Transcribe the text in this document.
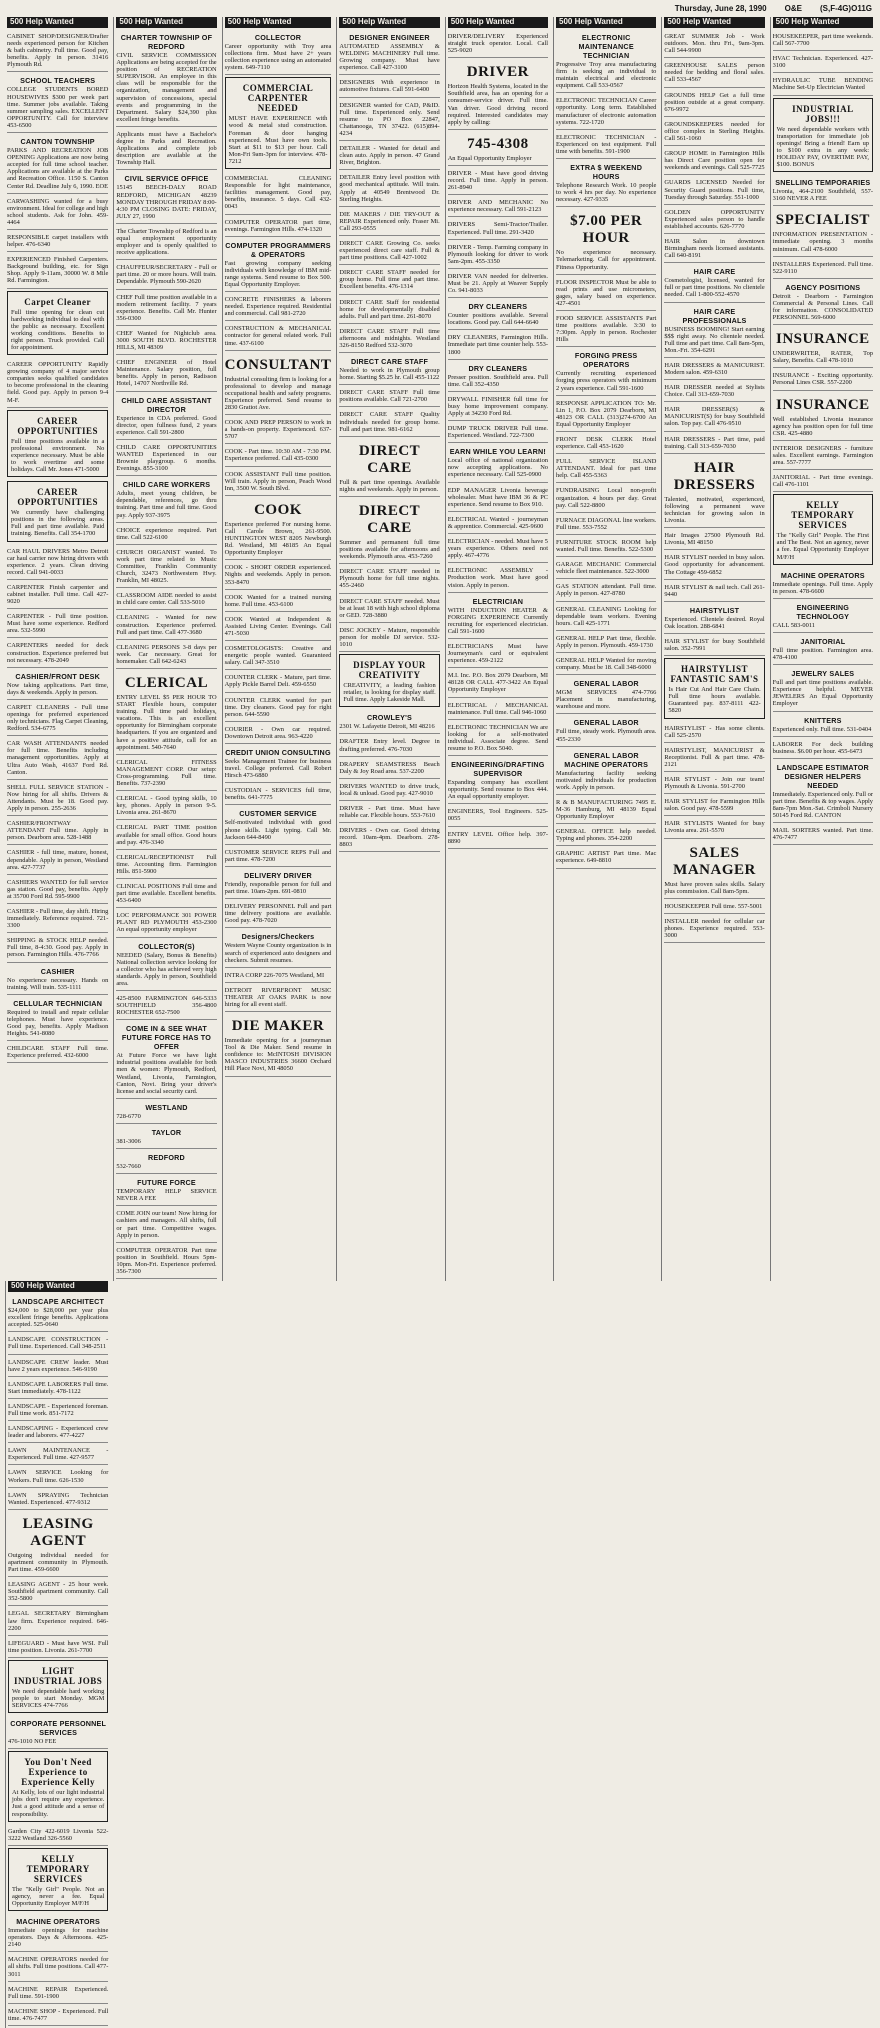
Thursday, June 28, 1990 O&E (S,F-4G)O11G
500 Help Wanted
CABINET SHOP/DESIGNER/Drafter needs experienced person for Kitchen & bath cabinetry. Full time. Good pay, benefits. Apply in person. 31416 Plymouth Rd.
SCHOOL TEACHERS
COLLEGE STUDENTS BORED HOUSEWIVES $300 per week part time. Summer jobs available. Taking summer sampling sales. EXCELLENT OPPORTUNITY. Call for interview 453-6500
CANTON TOWNSHIP
PARKS AND RECREATION JOB OPENING Applications are now being accepted for full time school teacher. Applications are available at the Parks and Recreation Office. 1150 S. Canton Center Rd. Deadline July 6, 1990. EOE
CARWASHING wanted for a busy environment. Ideal for college and high school students. Ask for John. 459-4464
RESPONSIBLE carpet installers with helper. 476-6340
EXPERIENCED Finished Carpenters. Background building, etc. for Sign Shop. Apply 9-11am, 30000 W. 8 Mile Rd. Farmington.
Carpet Cleaner
Full time opening for clean cut hardworking individual to deal with the public as necessary. Excellent working conditions. Benefits to right person. Truck provided. Call for appointment.
CAREER OPPORTUNITY Rapidly growing company of 4 major service companies seeks qualified candidates to become professional in the cleaning field. Good pay. Apply in person 9-4 M-F.
CAREER OPPORTUNITIES
Full time positions available in a professional environment. No experience necessary. Must be able to work overtime and some holidays. Call Mr. Jones 471-5000
CAREER OPPORTUNITIES
We currently have challenging positions in the following areas. Full and part time available. Paid training. Benefits. Call 354-1700
CAR HAUL DRIVERS Metro Detroit car haul carrier now hiring drivers with experience. 2 years. Clean driving record. Call 941-0033
CARPENTER Finish carpenter and cabinet installer. Full time. Call 427-9020
CARPENTER - Full time position. Must have some experience. Redford area. 532-5990
CARPENTERS needed for deck construction. Experience preferred but not necessary. 478-2049
CASHIER/FRONT DESK
Now taking applications. Part time, days & weekends. Apply in person.
CARPET CLEANERS - Full time openings for preferred experienced only technicians. Flag Carpet Cleaning, Redford. 534-6775
CAR WASH ATTENDANTS needed for full time. Benefits including management opportunities. Apply at Ultra Auto Wash, 41637 Ford Rd. Canton.
SHELL FULL SERVICE STATION - Now hiring for all shifts. Drivers & Attendants. Must be 18. Good pay. Apply in person. 255-2636
CASHIER/FRONTWAY ATTENDANT Full time. Apply in person. Dearborn area. 528-1488
CASHIER - full time, mature, honest, dependable. Apply in person, Westland area. 427-7737
CASHIERS WANTED for full service gas station. Good pay, benefits. Apply at 35700 Ford Rd. 595-9900
CASHIER - Full time, day shift. Hiring immediately. Reference required. 721-3300
SHIPPING & STOCK HELP needed. Full time, 8-4:30. Good pay. Apply in person. Farmington Hills. 476-7766
CASHIER
No experience necessary. Hands on training. Will train. 535-1111
CELLULAR TECHNICIAN
Required to install and repair cellular telephones. Must have experience. Good pay, benefits. Apply Madison Heights. 541-8080
CHILDCARE STAFF Full time. Experience preferred. 432-6000
500 Help Wanted
CHARTER TOWNSHIP OF REDFORD
CIVIL SERVICE COMMISSION Applications are being accepted for the position of RECREATION SUPERVISOR. An employee in this class will be responsible for the organization, management and supervision of concessions, special events and programming in the Department. Salary $24,390 plus excellent fringe benefits.
Applicants must have a Bachelor's degree in Parks and Recreation. Applications and complete job description are available at the Township Hall.
CIVIL SERVICE OFFICE
15145 BEECH-DALY ROAD REDFORD, MICHIGAN 48239 MONDAY THROUGH FRIDAY 8:00-4:30 PM CLOSING DATE: FRIDAY, JULY 27, 1990
The Charter Township of Redford is an equal employment opportunity employer and is openly qualified to receive applications.
CHAUFFEUR/SECRETARY - Full or part time. 20 or more hours. Will train. Dependable. Plymouth 590-2620
CHEF Full time position available in a modern retirement facility. 7 years experience. Benefits. Call Mr. Hunter 356-0300
CHEF Wanted for Nightclub area. 3000 SOUTH BLVD. ROCHESTER HILLS, MI 48309
CHIEF ENGINEER of Hotel Maintenance. Salary position, full benefits. Apply in person, Radisson Hotel, 14707 Northville Rd.
CHILD CARE ASSISTANT DIRECTOR
Experience in CDA preferred. Good director, open fullness fund, 2 years experience. Call 591-2800
CHILD CARE OPPORTUNITIES WANTED Experienced in our Brownie playgroup. 6 months. Evenings. 855-3100
CHILD CARE WORKERS
Adults, meet young children, be dependable, references, go thru training. Part time and full time. Good pay. Apply 937-3975
CHOICE experience required. Part time. Call 522-6100
CHURCH ORGANIST wanted. To work part time related to Music Committee, Franklin Community Church, 32473 Northwestern Hwy. Franklin, MI 48025.
CLASSROOM AIDE needed to assist in child care center. Call 533-5010
CLEANING - Wanted for new construction. Experience preferred. Full and part time. Call 477-3680
CLEANING PERSONS 3-8 days per week. Car necessary. Great for homemaker. Call 642-6243
CLERICAL
ENTRY LEVEL $5 PER HOUR TO START Flexible hours, computer training. Full time paid holidays, vacations. This is an excellent opportunity for Birmingham corporate headquarters. If you are organized and have a positive attitude, call for an appointment. 540-7640
CLERICAL FITNESS MANAGEMENT CORP. Our setup: Cross-programming. Full time. Benefits. 737-2390
CLERICAL - Good typing skills, 10 key, phones. Apply in person 9-5. Livonia area. 261-8670
CLERICAL PART TIME position available for small office. Good hours and pay. 476-3340
CLERICAL/RECEPTIONIST Full time. Accounting firm. Farmington Hills. 851-5900
CLINICAL POSITIONS Full time and part time available. Excellent benefits. 453-6400
LOC PERFORMANCE 301 POWER PLANT RD PLYMOUTH 453-2300 An equal opportunity employer
COLLECTOR(S)
NEEDED (Salary, Bonus & Benefits) National collection service looking for a collector who has achieved very high standards. Apply in person, Southfield area.
425-8500 FARMINGTON 646-5333 SOUTHFIELD 356-4800 ROCHESTER 652-7500
COME IN & SEE WHAT FUTURE FORCE HAS TO OFFER
At Future Force we have light industrial positions available for both men & women: Plymouth, Redford, Westland, Livonia, Farmington, Canton, Novi. Bring your driver's license and social security card.
WESTLAND
728-6770
TAYLOR
381-3006
REDFORD
532-7660
FUTURE FORCE
TEMPORARY HELP SERVICE NEVER A FEE
COME JOIN our team! Now hiring for cashiers and managers. All shifts, full or part time. Competitive wages. Apply in person.
COMPUTER OPERATOR Part time position in Southfield. Hours 5pm-10pm. Mon-Fri. Experience preferred. 356-7300
500 Help Wanted
COLLECTOR
Career opportunity with Troy area collections firm. Must have 2+ years collection experience using an automated system. 649-7110
COMMERCIAL CARPENTER NEEDED
MUST HAVE EXPERIENCE with wood & metal stud construction. Foreman & door hanging experienced. Must have own tools. Start at $11 to $13 per hour. Call Mon-Fri 9am-3pm for interview. 478-7212
COMMERCIAL CLEANING Responsible for light maintenance, facilities management. Good pay, benefits, insurance. 5 days. Call 432-0043
COMPUTER OPERATOR part time, evenings. Farmington Hills. 474-1320
COMPUTER PROGRAMMERS & OPERATORS
Fast growing company seeking individuals with knowledge of IBM mid-range systems. Send resume to Box 500. Equal Opportunity Employer.
CONCRETE FINISHERS & laborers needed. Experience required. Residential and commercial. Call 981-2720
CONSTRUCTION & MECHANICAL contractor for general related work. Full time. 437-6100
CONSULTANT
Industrial consulting firm is looking for a professional to develop and manage occupational health and safety programs. Experience preferred. Send resume to 2830 Gratiot Ave.
COOK AND PREP PERSON to work in a hands-on property. Experienced. 637-5707
COOK - Part time. 10:30 AM - 7:30 PM. Experience preferred. Call 435-0300
COOK ASSISTANT Full time position. Will train. Apply in person, Peach Wood Inn, 3500 W. South Blvd.
COOK
Experience preferred For nursing home. Call Carole Brown, 261-9500. HUNTINGTON WEST 8205 Newburgh Rd. Westland, MI 48185 An Equal Opportunity Employer
COOK - SHORT ORDER experienced. Nights and weekends. Apply in person. 353-8470
COOK Wanted for a trained nursing home. Full time. 453-6100
COOK Wanted at Independent & Assisted Living Center. Evenings. Call 471-5030
COSMETOLOGISTS: Creative and energetic people wanted. Guaranteed salary. Call 347-3510
COUNTER CLERK - Mature, part time. Apply Pickle Barrel Deli. 459-6550
COUNTER CLERK wanted for part time. Dry cleaners. Good pay for right person. 644-5590
COURIER - Own car required. Downtown Detroit area. 963-4220
CREDIT UNION CONSULTING
Seeks Management Trainee for business travel. College preferred. Call Robert Hirsch 473-6880
CUSTODIAN - SERVICES full time, benefits. 641-7775
CUSTOMER SERVICE
Self-motivated individual with good phone skills. Light typing. Call Mr. Jackson 644-8490
CUSTOMER SERVICE REPS Full and part time. 478-7200
DELIVERY DRIVER
Friendly, responsible person for full and part time. 10am-2pm. 691-0810
DELIVERY PERSONNEL Full and part time delivery positions are available. Good pay. 478-7020
Designers/Checkers
Western Wayne County organization is in search of experienced auto designers and checkers. Submit resumes.
INTRA CORP 226-7075 Westland, MI
DETROIT RIVERFRONT MUSIC THEATER AT OAKS PARK is now hiring for all event staff.
DIE MAKER
Immediate opening for a journeyman Tool & Die Maker. Send resume in confidence to: McINTOSH DIVISION MASCO INDUSTRIES 36600 Orchard Hill Place Novi, MI 48050
500 Help Wanted
DESIGNER ENGINEER
AUTOMATED ASSEMBLY & WELDING MACHINERY Full time. Growing company. Must have experience. Call 427-3100
DESIGNERS With experience in automotive fixtures. Call 591-6400
DESIGNER wanted for CAD, P&ID. Full time. Experienced only. Send resume to PO Box 22847, Chattanooga, TN 37422. (615)894-4234
DETAILER - Wanted for detail and clean auto. Apply in person. 47 Grand River, Brighton.
DETAILER Entry level position with good mechanical aptitude. Will train. Apply at 40549 Brentwood Dr. Sterling Heights.
DIE MAKERS / DIE TRY-OUT & REPAIR Experienced only. Fraser Mi. Call 293-0555
DIRECT CARE Growing Co. seeks experienced direct care staff. Full & part time positions. Call 427-1002
DIRECT CARE STAFF needed for group home. Full time and part time. Excellent benefits. 476-1314
DIRECT CARE Staff for residential home for developmentally disabled adults. Full and part time. 261-8070
DIRECT CARE STAFF Full time afternoons and midnights. Westland 326-8150 Redford 532-3070
DIRECT CARE STAFF
Needed to work in Plymouth group home. Starting $5.25 hr. Call 455-1122
DIRECT CARE STAFF Full time positions available. Call 721-2700
DIRECT CARE STAFF Quality individuals needed for group home. Full and part time. 981-6162
DIRECT CARE
Full & part time openings. Available nights and weekends. Apply in person.
DIRECT CARE
Summer and permanent full time positions available for afternoons and weekends. Plymouth area. 453-7260
DIRECT CARE STAFF needed in Plymouth home for full time nights. 455-2460
DIRECT CARE STAFF needed. Must be at least 18 with high school diploma or GED. 728-3880
DISC JOCKEY - Mature, responsible person for mobile DJ service. 532-1010
DISPLAY YOUR CREATIVITY
CREATIVITY, a leading fashion retailer, is looking for display staff. Full time. Apply Lakeside Mall.
CROWLEY'S
2301 W. Lafayette Detroit, MI 48216
DRAFTER Entry level. Degree in drafting preferred. 476-7030
DRAPERY SEAMSTRESS Beach Daly & Joy Road area. 537-2200
DRIVERS WANTED to drive truck, local & unload. Good pay. 427-9010
DRIVER - Part time. Must have reliable car. Flexible hours. 553-7610
DRIVERS - Own car. Good driving record. 10am-4pm. Dearborn. 278-8803
500 Help Wanted
DRIVER/DELIVERY Experienced straight truck operator. Local. Call 525-9020
DRIVER
Horizon Health Systems, located in the Southfield area, has an opening for a consumer-service driver. Full time. Van driver. Good driving record required. Interested candidates may apply by calling:
745-4308
An Equal Opportunity Employer
DRIVER - Must have good driving record. Full time. Apply in person. 261-8940
DRIVER AND MECHANIC No experience necessary. Call 591-2123
DRIVERS Semi-Tractor/Trailer. Experienced. Full time. 291-3420
DRIVER - Temp. Farming company in Plymouth looking for driver to work 5am-2pm. 455-3350
DRIVER VAN needed for deliveries. Must be 21. Apply at Weaver Supply Co. 941-8033
DRY CLEANERS
Counter positions available. Several locations. Good pay. Call 644-6640
DRY CLEANERS, Farmington Hills. Immediate part time counter help. 553-1800
DRY CLEANERS
Presser position. Southfield area. Full time. Call 352-4350
DRYWALL FINISHER full time for busy home improvement company. Apply at 34230 Ford Rd.
DUMP TRUCK DRIVER Full time. Experienced. Westland. 722-7300
EARN WHILE YOU LEARN!
Local office of national organization now accepting applications. No experience necessary. Call 525-0900
EDP MANAGER Livonia beverage wholesaler. Must have IBM 36 & PC experience. Send resume to Box 910.
ELECTRICAL Wanted - journeyman & apprentice. Commercial. 425-9600
ELECTRICIAN - needed. Must have 5 years experience. Others need not apply. 467-4776
ELECTRONIC ASSEMBLY - Production work. Must have good vision. Apply in person.
ELECTRICIAN
WITH INDUCTION HEATER & FORGING EXPERIENCE Currently recruiting for experienced electrician. Call 591-1600
ELECTRICIANS Must have Journeyman's card or equivalent experience. 459-2122
M.I. Inc. P.O. Box 2079 Dearborn, MI 48128 OR CALL 477-3422 An Equal Opportunity Employer
ELECTRICAL / MECHANICAL maintenance. Full time. Call 946-1060
ELECTRONIC TECHNICIAN We are looking for a self-motivated individual. Associate degree. Send resume to P.O. Box 5040.
ENGINEERING/DRAFTING SUPERVISOR
Expanding company has excellent opportunity. Send resume to Box 444. An equal opportunity employer.
ENGINEERS, Tool Engineers. 525-0055
ENTRY LEVEL Office help. 397-8890
500 Help Wanted
ELECTRONIC MAINTENANCE TECHNICIAN
Progressive Troy area manufacturing firm is seeking an individual to maintain electrical and electronic equipment. Call 533-0567
ELECTRONIC TECHNICIAN Career opportunity. Long term. Established manufacturer of electronic automation systems. 722-1720
ELECTRONIC TECHNICIAN - Experienced on test equipment. Full time with benefits. 591-1900
EXTRA $ WEEKEND HOURS
Telephone Research Work. 10 people to work 4 hrs per day. No experience necessary. 427-9335
$7.00 PER HOUR
No experience necessary. Telemarketing. Call for appointment. Fitness Opportunity.
FLOOR INSPECTOR Must be able to read prints and use micrometers, gages, salary based on experience. 427-4501
FOOD SERVICE ASSISTANTS Part time positions available. 3:30 to 7:30pm. Apply in person. Rochester Hills
FORGING PRESS OPERATORS
Currently recruiting experienced forging press operators with minimum 2 years experience. Call 591-1600
RESPONSE APPLICATION TO: Mr. Lin 1, P.O. Box 2079 Dearborn, MI 48123 OR CALL (313)274-6700 An Equal Opportunity Employer
FRONT DESK CLERK Hotel experience. Call 453-1620
FULL SERVICE ISLAND ATTENDANT. Ideal for part time help. Call 455-5363
FUNDRAISING Local non-profit organization. 4 hours per day. Great pay. Call 522-8800
FURNACE DIAGONAL line workers. Full time. 553-7552
FURNITURE STOCK ROOM help wanted. Full time. Benefits. 522-5300
GARAGE MECHANIC Commercial vehicle fleet maintenance. 522-3000
GAS STATION attendant. Full time. Apply in person. 427-8780
GENERAL CLEANING Looking for dependable team workers. Evening hours. Call 425-1771
GENERAL HELP Part time, flexible. Apply in person. Plymouth. 459-1730
GENERAL HELP Wanted for moving company. Must be 18. Call 348-6000
GENERAL LABOR
MGM SERVICES 474-7766 Placement in manufacturing, warehouse and more.
GENERAL LABOR
Full time, steady work. Plymouth area. 455-2330
GENERAL LABOR MACHINE OPERATORS
Manufacturing facility seeking motivated individuals for production work. Apply in person.
R & B MANUFACTURING 7495 E. M-36 Hamburg, MI 48139 Equal Opportunity Employer
GENERAL OFFICE help needed. Typing and phones. 354-2200
GRAPHIC ARTIST Part time. Mac experience. 649-8810
500 Help Wanted
GREAT SUMMER Job - Work outdoors. Mon. thru Fri., 9am-3pm. Call 544-9900
GREENHOUSE SALES person needed for bedding and floral sales. Call 533-4567
GROUNDS HELP Get a full time position outside at a great company. 676-9972
GROUNDSKEEPERS needed for office complex in Sterling Heights. Call 561-1060
GROUP HOME in Farmington Hills has Direct Care position open for weekends and evenings. Call 525-7725
GUARDS LICENSED Needed for Security Guard positions. Full time, Tuesday through Saturday. 551-1000
GOLDEN OPPORTUNITY Experienced sales person to handle established accounts. 626-7770
HAIR Salon in downtown Birmingham needs licensed assistants. Call 640-8191
HAIR CARE
Cosmetologist, licensed, wanted for full or part time positions. No clientele needed. Call 1-800-552-4570
HAIR CARE PROFESSIONALS
BUSINESS BOOMING! Start earning $$$ right away. No clientele needed. Full time and part time. Call 8am-5pm, Mon.-Fri. 354-6291
HAIR DRESSERS & MANICURIST. Modern salon. 459-6310
HAIR DRESSER needed at Stylists Choice. Call 313-659-7030
HAIR DRESSER(S) & MANICURIST(S) for busy Southfield salon. Top pay. Call 476-9510
HAIR DRESSERS - Part time, paid training. Call 313-659-7030
HAIR DRESSERS
Talented, motivated, experienced, following a permanent wave technician for growing salon in Livonia.
Hair Images 27500 Plymouth Rd. Livonia, MI 48150
HAIR STYLIST needed in busy salon. Good opportunity for advancement. The Cottage 459-6852
HAIR STYLIST & nail tech. Call 261-9440
HAIRSTYLIST
Experienced. Clientele desired. Royal Oak location. 288-6841
HAIR STYLIST for busy Southfield salon. 352-7991
HAIRSTYLIST FANTASTIC SAM'S
Is Hair Cut And Hair Care Chain. Full time hours available. Guaranteed pay. 837-8111 422-5820
HAIRSTYLIST - Has some clients. Call 525-2570
HAIRSTYLIST, MANICURIST & Receptionist. Full & part time. 478-2121
HAIR STYLIST - Join our team! Plymouth & Livonia. 591-2700
HAIR STYLIST for Farmington Hills salon. Good pay. 478-5599
HAIR STYLISTS Wanted for busy Livonia area. 261-5570
SALES MANAGER
Must have proven sales skills. Salary plus commission. Call 8am-5pm.
HOUSEKEEPER Full time. 557-5001
INSTALLER needed for cellular car phones. Experience required. 553-3000
500 Help Wanted
HOUSEKEEPER, part time weekends. Call 567-7700
HVAC Technician. Experienced. 427-3100
HYDRAULIC TUBE BENDING Machine Set-Up Electrician Wanted
INDUSTRIAL JOBS!!!
We need dependable workers with transportation for immediate job openings! Bring a friend! Earn up to $100 extra in any week: HOLIDAY PAY, OVERTIME PAY, $100. BONUS
SNELLING TEMPORARIES
Livonia, 464-2100 Southfield, 557-3160 NEVER A FEE
SPECIALIST
INFORMATION PRESENTATION - immediate opening. 3 months minimum. Call 478-6000
INSTALLERS Experienced. Full time. 522-9110
AGENCY POSITIONS
Detroit - Dearborn - Farmington Commercial & Personal Lines. Call for information. CONSOLIDATED PERSONNEL 569-6000
INSURANCE
UNDERWRITER, RATER, Top Salary, Benefits. Call 478-1010
INSURANCE - Exciting opportunity. Personal Lines CSR. 557-2200
INSURANCE
Well established Livonia insurance agency has position open for full time CSR. 425-4880
INTERIOR DESIGNERS - furniture sales. Excellent earnings. Farmington area. 557-7777
JANITORIAL - Part time evenings. Call 476-1101
KELLY TEMPORARY SERVICES
The "Kelly Girl" People. The First and The Best. Not an agency, never a fee. Equal Opportunity Employer M/F/H
MACHINE OPERATORS
Immediate openings. Full time. Apply in person. 478-6600
ENGINEERING TECHNOLOGY
CALL 583-0011
JANITORIAL
Full time position. Farmington area. 478-4100
JEWELRY SALES
Full and part time positions available. Experience helpful. MEYER JEWELERS An Equal Opportunity Employer
KNITTERS
Experienced only. Full time. 531-0404
LABORER For deck building business. $6.00 per hour. 455-6473
LANDSCAPE ESTIMATOR DESIGNER HELPERS NEEDED
Immediately. Experienced only. Full or part time. Benefits & top wages. Apply 8am-7pm Mon.-Sat. Crimboli Nursery 50145 Ford Rd. CANTON
MAIL SORTERS wanted. Part time. 476-7477
500 Help Wanted
LANDSCAPE ARCHITECT
$24,000 to $28,000 per year plus excellent fringe benefits. Applications accepted. 525-0640
LANDSCAPE CONSTRUCTION - Full time. Experienced. Call 348-2511
LANDSCAPE CREW leader. Must have 2 years experience. 546-9190
LANDSCAPE LABORERS Full time. Start immediately. 478-1122
LANDSCAPE - Experienced foreman. Full time work. 851-7172
LANDSCAPING - Experienced crew leader and laborers. 477-4227
LAWN MAINTENANCE - Experienced. Full time. 427-9577
LAWN SERVICE Looking for Workers. Full time. 626-1530
LAWN SPRAYING Technician Wanted. Experienced. 477-9312
LEASING AGENT
Outgoing individual needed for apartment community in Plymouth. Part time. 459-6600
LEASING AGENT - 25 hour week. Southfield apartment community. Call 352-5800
LEGAL SECRETARY Birmingham law firm. Experience required. 646-2200
LIFEGUARD - Must have WSI. Full time position. Livonia. 261-7700
LIGHT INDUSTRIAL JOBS
We need dependable hard working people to start Monday. MGM SERVICES 474-7766
CORPORATE PERSONNEL SERVICES
476-1010 NO FEE
You Don't Need Experience to Experience Kelly
At Kelly, lots of our light industrial jobs don't require any experience. Just a good attitude and a sense of responsibility.
Garden City 422-6019 Livonia 522-3222 Westland 326-5560
KELLY TEMPORARY SERVICES
The "Kelly Girl" People. Not an agency, never a fee. Equal Opportunity Employer M/F/H
MACHINE OPERATORS
Immediate openings for machine operators. Days & Afternoons. 425-2140
MACHINE OPERATORS needed for all shifts. Full time positions. Call 477-3011
MACHINE REPAIR Experienced. Full time. 591-1900
MACHINE SHOP - Experienced. Full time. 476-7477
